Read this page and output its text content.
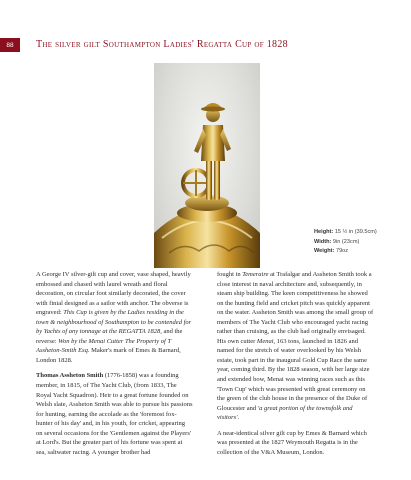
88	The silver gilt Southampton Ladies' Regatta Cup of 1828
Height: 15 ½ in (39.5cm)
Width: 9in (23cm)
Weight: 79oz

A George IV silver-gilt cup and cover, vase shaped, heavily embossed and chased with laurel wreath and floral decoration, on circular foot similarly decorated, the cover with finial designed as a sailor with anchor. The obverse is engraved: This Cup is given by the Ladies residing in the town & neighbourhood of Southampton to be contended for by Yachts of any tonnage at the REGATTA 1828, and the reverse: Won by the Menai Cutter The Property of T Assheton-Smith Esq. Maker's mark of Emes & Barnard, London 1828.

Thomas Assheton Smith (1776-1858) was a founding member, in 1815, of The Yacht Club, (from 1833, The Royal Yacht Squadron). Heir to a great fortune founded on Welsh slate, Assheton Smith was able to pursue his passions for hunting, earning the accolade as the 'foremost fox-hunter of his day' and, in his youth, for cricket, appearing on several occasions for the 'Gentlemen against the Players' at Lord's. But the greater part of his fortune was spent at sea, saltwater racing. A younger brother had

fought in Temeraire at Trafalgar and Assheton Smith took a close interest in naval architecture and, subsequently, in steam ship building. The keen competitiveness he showed on the hunting field and cricket pitch was quickly apparent on the water. Assheton Smith was among the small group of members of The Yacht Club who encouraged yacht racing rather than cruising, as the club had originally envisaged. His own cutter Menai, 163 tons, launched in 1826 and named for the stretch of water overlooked by his Welsh estate, took part in the inaugural Gold Cup Race the same year, coming third. By the 1828 season, with her large size and extended bow, Menai was winning races such as this 'Town Cup' which was presented with great ceremony on the green of the club house in the presence of the Duke of Gloucester and 'a great portion of the townsfolk and visitors'.

A near-identical silver gilt cup by Emes & Barnard which was presented at the 1827 Weymouth Regatta is in the collection of the V&A Museum, London.
